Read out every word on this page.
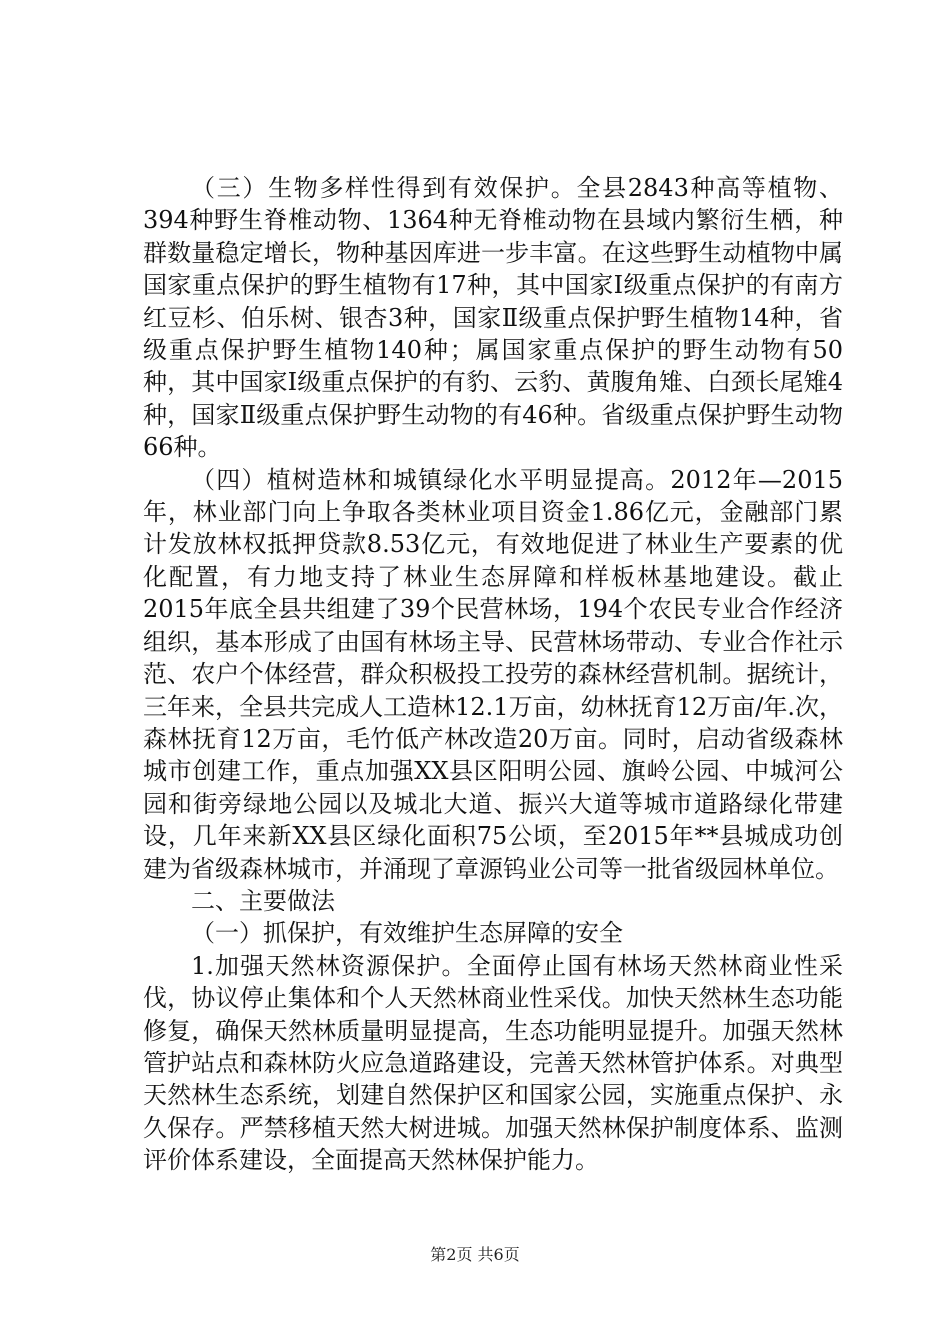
（三）生物多样性得到有效保护。全县2843种高等植物、394种野生脊椎动物、1364种无脊椎动物在县域内繁衍生栖，种群数量稳定增长，物种基因库进一步丰富。在这些野生动植物中属国家重点保护的野生植物有17种，其中国家Ⅰ级重点保护的有南方红豆杉、伯乐树、银杏3种，国家Ⅱ级重点保护野生植物14种，省级重点保护野生植物140种；属国家重点保护的野生动物有50种，其中国家Ⅰ级重点保护的有豹、云豹、黄腹角雉、白颈长尾雉4种，国家Ⅱ级重点保护野生动物的有46种。省级重点保护野生动物66种。

（四）植树造林和城镇绿化水平明显提高。2012年—2015年，林业部门向上争取各类林业项目资金1.86亿元，金融部门累计发放林权抵押贷款8.53亿元，有效地促进了林业生产要素的优化配置，有力地支持了林业生态屏障和样板林基地建设。截止2015年底全县共组建了39个民营林场，194个农民专业合作经济组织，基本形成了由国有林场主导、民营林场带动、专业合作社示范、农户个体经营，群众积极投工投劳的森林经营机制。据统计，三年来，全县共完成人工造林12.1万亩，幼林抚育12万亩/年.次，森林抚育12万亩，毛竹低产林改造20万亩。同时，启动省级森林城市创建工作，重点加强XX县区阳明公园、旗岭公园、中城河公园和街旁绿地公园以及城北大道、振兴大道等城市道路绿化带建设，几年来新XX县区绿化面积75公顷，至2015年**县城成功创建为省级森林城市，并涌现了章源钨业公司等一批省级园林单位。

二、主要做法

（一）抓保护，有效维护生态屏障的安全

1.加强天然林资源保护。全面停止国有林场天然林商业性采伐，协议停止集体和个人天然林商业性采伐。加快天然林生态功能修复，确保天然林质量明显提高，生态功能明显提升。加强天然林管护站点和森林防火应急道路建设，完善天然林管护体系。对典型天然林生态系统，划建自然保护区和国家公园，实施重点保护、永久保存。严禁移植天然大树进城。加强天然林保护制度体系、监测评价体系建设，全面提高天然林保护能力。

第2页 共6页
